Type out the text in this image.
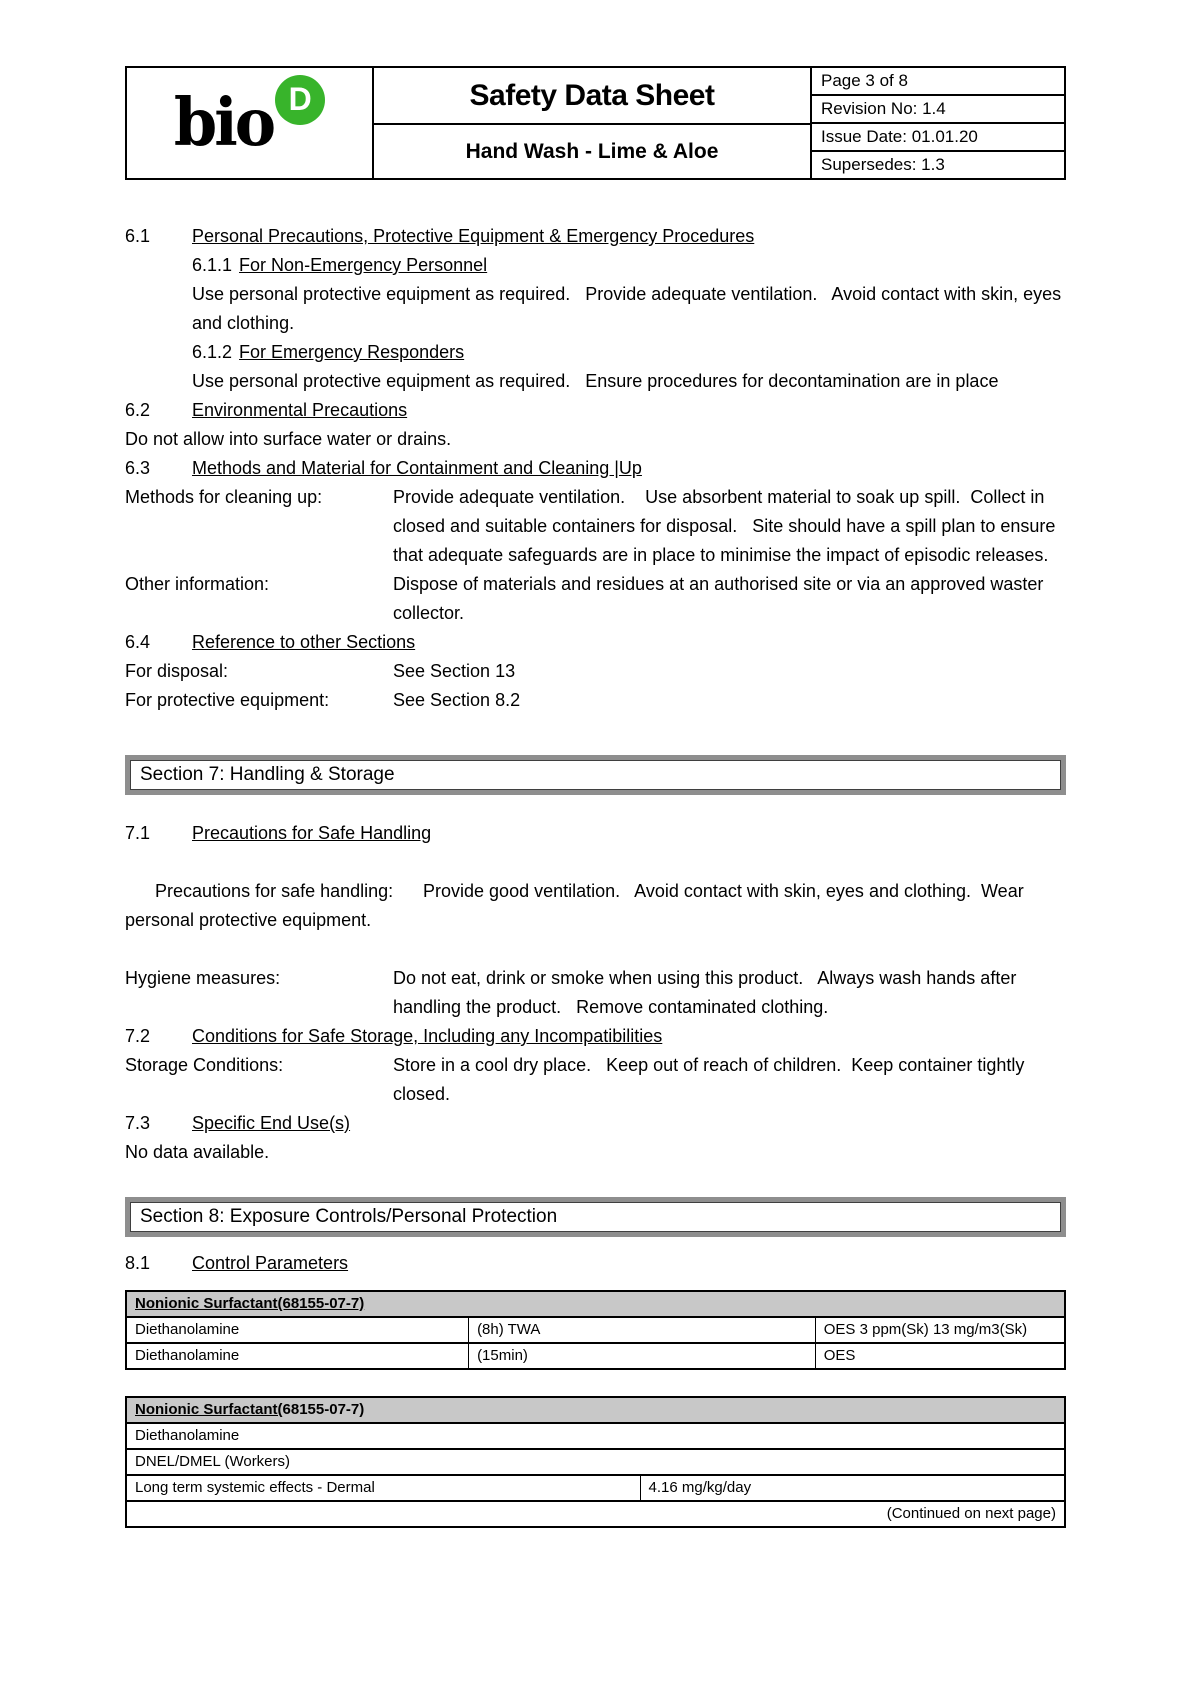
bio D	Safety Data Sheet
Hand Wash - Lime & Aloe
Page 3 of 8
Revision No: 1.4
Issue Date: 01.01.20
Supersedes: 1.3
6.1	Personal Precautions, Protective Equipment & Emergency Procedures
6.1.1 For Non-Emergency Personnel
Use personal protective equipment as required.   Provide adequate ventilation.   Avoid contact with skin, eyes and clothing.
6.1.2 For Emergency Responders
Use personal protective equipment as required.   Ensure procedures for decontamination are in place
6.2	Environmental Precautions
Do not allow into surface water or drains.
6.3	Methods and Material for Containment and Cleaning |Up
Methods for cleaning up:	Provide adequate ventilation.    Use absorbent material to soak up spill.  Collect in closed and suitable containers for disposal.   Site should have a spill plan to ensure that adequate safeguards are in place to minimise the impact of episodic releases.
Other information:	Dispose of materials and residues at an authorised site or via an approved waster collector.
6.4	Reference to other Sections
For disposal:	See Section 13
For protective equipment:	See Section 8.2
Section 7: Handling & Storage
7.1	Precautions for Safe Handling

Precautions for safe handling: Provide good ventilation.   Avoid contact with skin, eyes and clothing.  Wear personal protective equipment.

Hygiene measures:	Do not eat, drink or smoke when using this product.   Always wash hands after handling the product.   Remove contaminated clothing.
7.2	Conditions for Safe Storage, Including any Incompatibilities
Storage Conditions:	Store in a cool dry place.   Keep out of reach of children.  Keep container tightly closed.
7.3	Specific End Use(s)
No data available.
Section 8: Exposure Controls/Personal Protection
8.1	Control Parameters
Nonionic Surfactant(68155-07-7)
Diethanolamine	(8h) TWA	OES 3 ppm(Sk) 13 mg/m3(Sk)
Diethanolamine	(15min)	OES
Nonionic Surfactant(68155-07-7)
Diethanolamine
DNEL/DMEL (Workers)
Long term systemic effects - Dermal	4.16 mg/kg/day
(Continued on next page)
